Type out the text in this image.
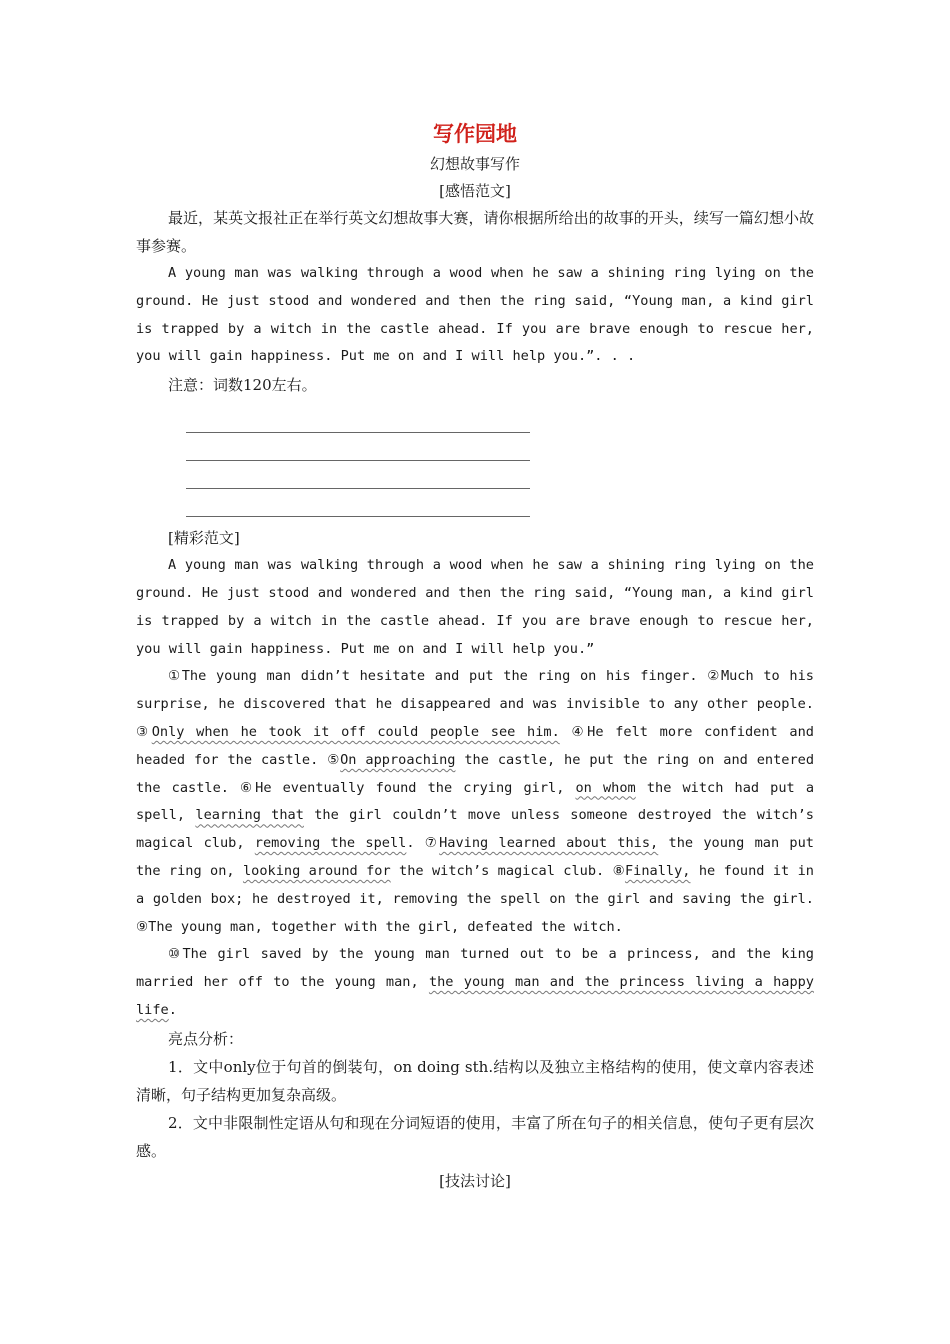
写作园地
幻想故事写作
[感悟范文]

最近，某英文报社正在举行英文幻想故事大赛，请你根据所给出的故事的开头，续写一篇幻想小故事参赛。

A young man was walking through a wood when he saw a shining ring lying on the ground. He just stood and wondered and then the ring said, “Young man, a kind girl is trapped by a witch in the castle ahead. If you are brave enough to rescue her, you will gain happiness. Put me on and I will help you.”. . .

注意：词数120左右。

[精彩范文]

A young man was walking through a wood when he saw a shining ring lying on the ground. He just stood and wondered and then the ring said, “Young man, a kind girl is trapped by a witch in the castle ahead. If you are brave enough to rescue her, you will gain happiness. Put me on and I will help you.”

①The young man didn’t hesitate and put the ring on his finger. ②Much to his surprise, he discovered that he disappeared and was invisible to any other people. ③Only when he took it off could people see him. ④He felt more confident and headed for the castle. ⑤On approaching the castle, he put the ring on and entered the castle. ⑥He eventually found the crying girl, on whom the witch had put a spell, learning that the girl couldn’t move unless someone destroyed the witch’s magical club, removing the spell. ⑦Having learned about this, the young man put the ring on, looking around for the witch’s magical club. ⑧Finally, he found it in a golden box; he destroyed it, removing the spell on the girl and saving the girl. ⑨The young man, together with the girl, defeated the witch.

⑩The girl saved by the young man turned out to be a princess, and the king married her off to the young man, the young man and the princess living a happy life.

亮点分析：

1．文中only位于句首的倒装句，on doing sth.结构以及独立主格结构的使用，使文章内容表述清晰，句子结构更加复杂高级。

2．文中非限制性定语从句和现在分词短语的使用，丰富了所在句子的相关信息，使句子更有层次感。

[技法讨论]
